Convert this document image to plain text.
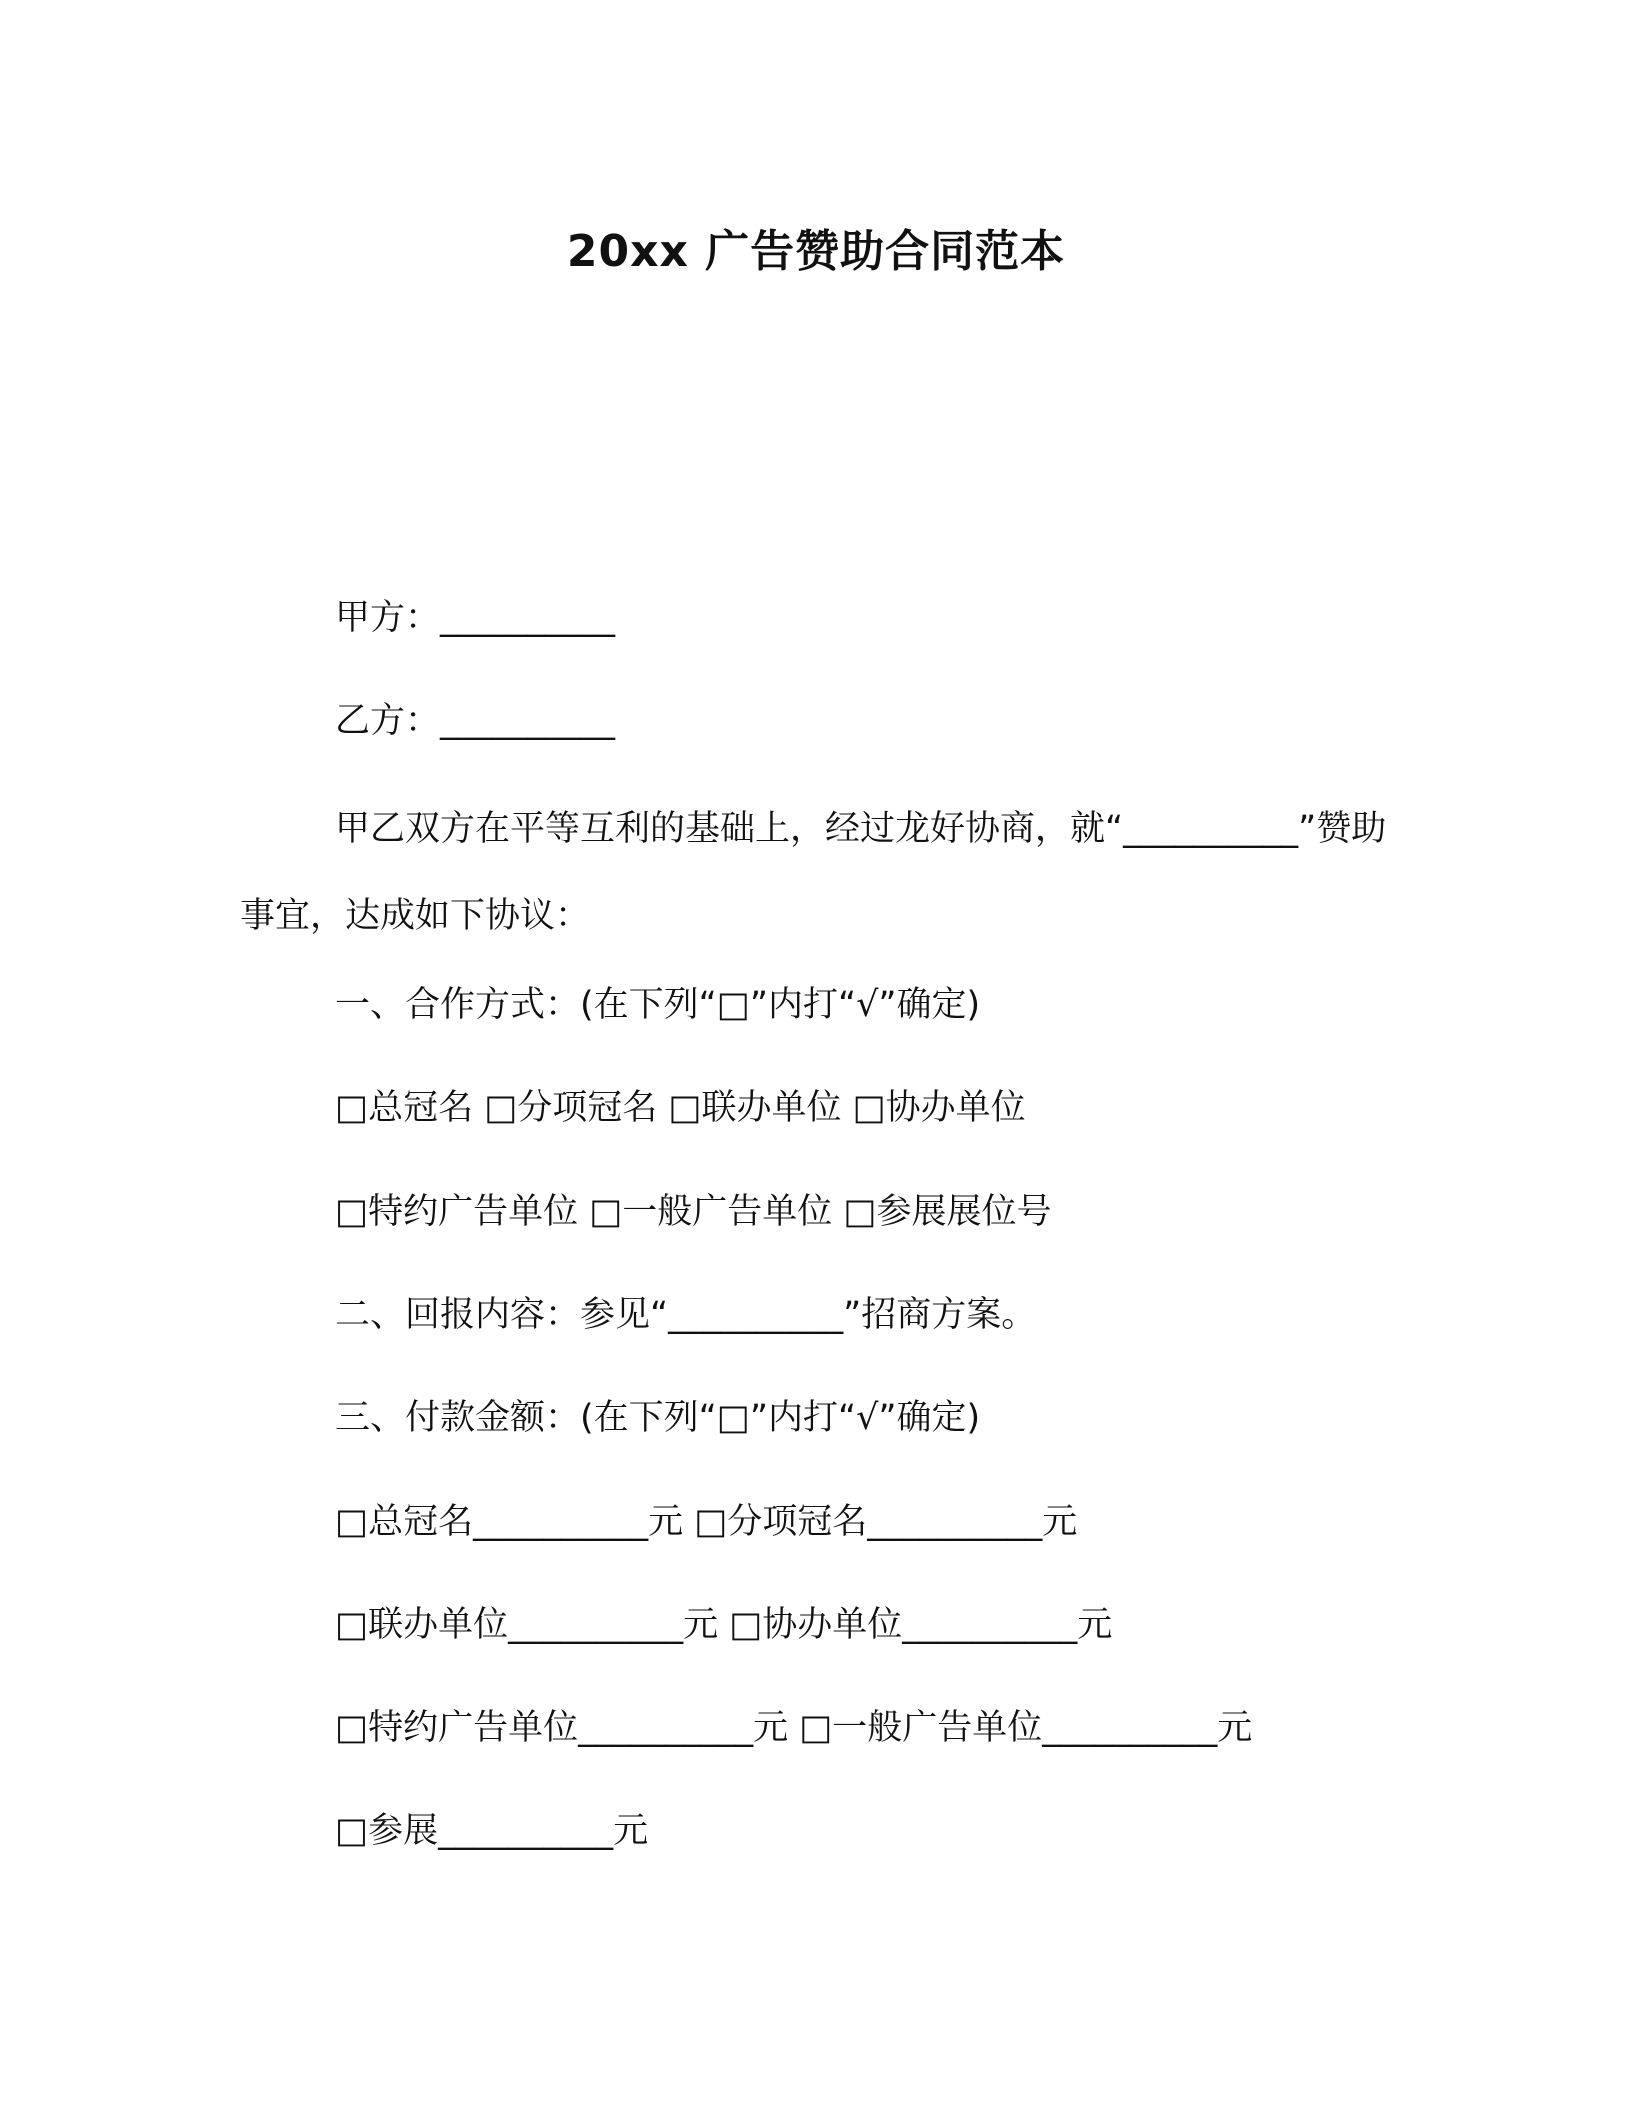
20xx 广告赞助合同范本
甲方：__________
乙方：__________
甲乙双方在平等互利的基础上，经过龙好协商，就“__________”赞助事宜，达成如下协议：
一、合作方式：(在下列“□”内打“√”确定)
□总冠名 □分项冠名 □联办单位 □协办单位
□特约广告单位 □一般广告单位 □参展展位号
二、回报内容：参见“__________”招商方案。
三、付款金额：(在下列“□”内打“√”确定)
□总冠名__________元 □分项冠名__________元
□联办单位__________元 □协办单位__________元
□特约广告单位__________元 □一般广告单位__________元
□参展__________元
